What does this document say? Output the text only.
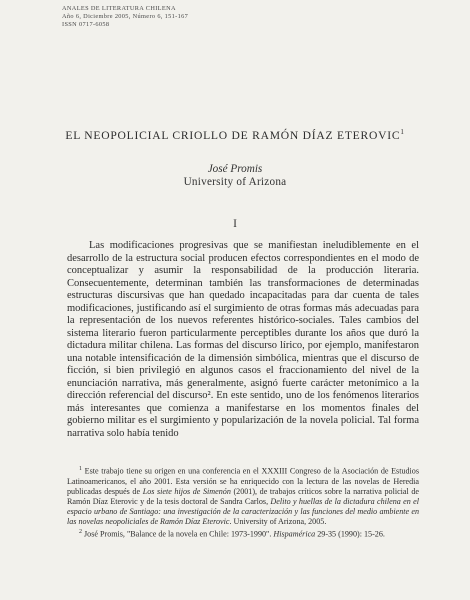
ANALES DE LITERATURA CHILENA
Año 6, Diciembre 2005, Número 6, 151-167
ISSN 0717-6058
EL NEOPOLICIAL CRIOLLO DE RAMÓN DÍAZ ETEROVIC$^1$
José Promis
University of Arizona
I

Las modificaciones progresivas que se manifiestan ineludiblemente en el desarrollo de la estructura social producen efectos correspondientes en el modo de conceptualizar y asumir la responsabilidad de la producción literaria. Consecuentemente, determinan también las transformaciones de determinadas estructuras discursivas que han quedado incapacitadas para dar cuenta de tales modificaciones, justificando así el surgimiento de otras formas más adecuadas para la representación de los nuevos referentes histórico-sociales. Tales cambios del sistema literario fueron particularmente perceptibles durante los años que duró la dictadura militar chilena. Las formas del discurso lírico, por ejemplo, manifestaron una notable intensificación de la dimensión simbólica, mientras que el discurso de ficción, si bien privilegió en algunos casos el fraccionamiento del nivel de la enunciación narrativa, más generalmente, asignó fuerte carácter metonímico a la dirección referencial del discurso². En este sentido, uno de los fenómenos literarios más interesantes que comienza a manifestarse en los momentos finales del gobierno militar es el surgimiento y popularización de la novela policial. Tal forma narrativa solo había tenido

$^1$ Este trabajo tiene su origen en una conferencia en el XXXIII Congreso de la Asociación de Estudios Latinoamericanos, el año 2001. Esta versión se ha enriquecido con la lectura de las novelas de Heredia publicadas después de Los siete hijos de Simenón (2001), de trabajos críticos sobre la narrativa policial de Ramón Díaz Eterovic y de la tesis doctoral de Sandra Carlos, Delito y huellas de la dictadura chilena en el espacio urbano de Santiago: una investigación de la caracterización y las funciones del medio ambiente en las novelas neopoliciales de Ramón Díaz Eterovic. University of Arizona, 2005.

$^2$ José Promis, "Balance de la novela en Chile: 1973-1990". Hispamérica 29-35 (1990): 15-26.
